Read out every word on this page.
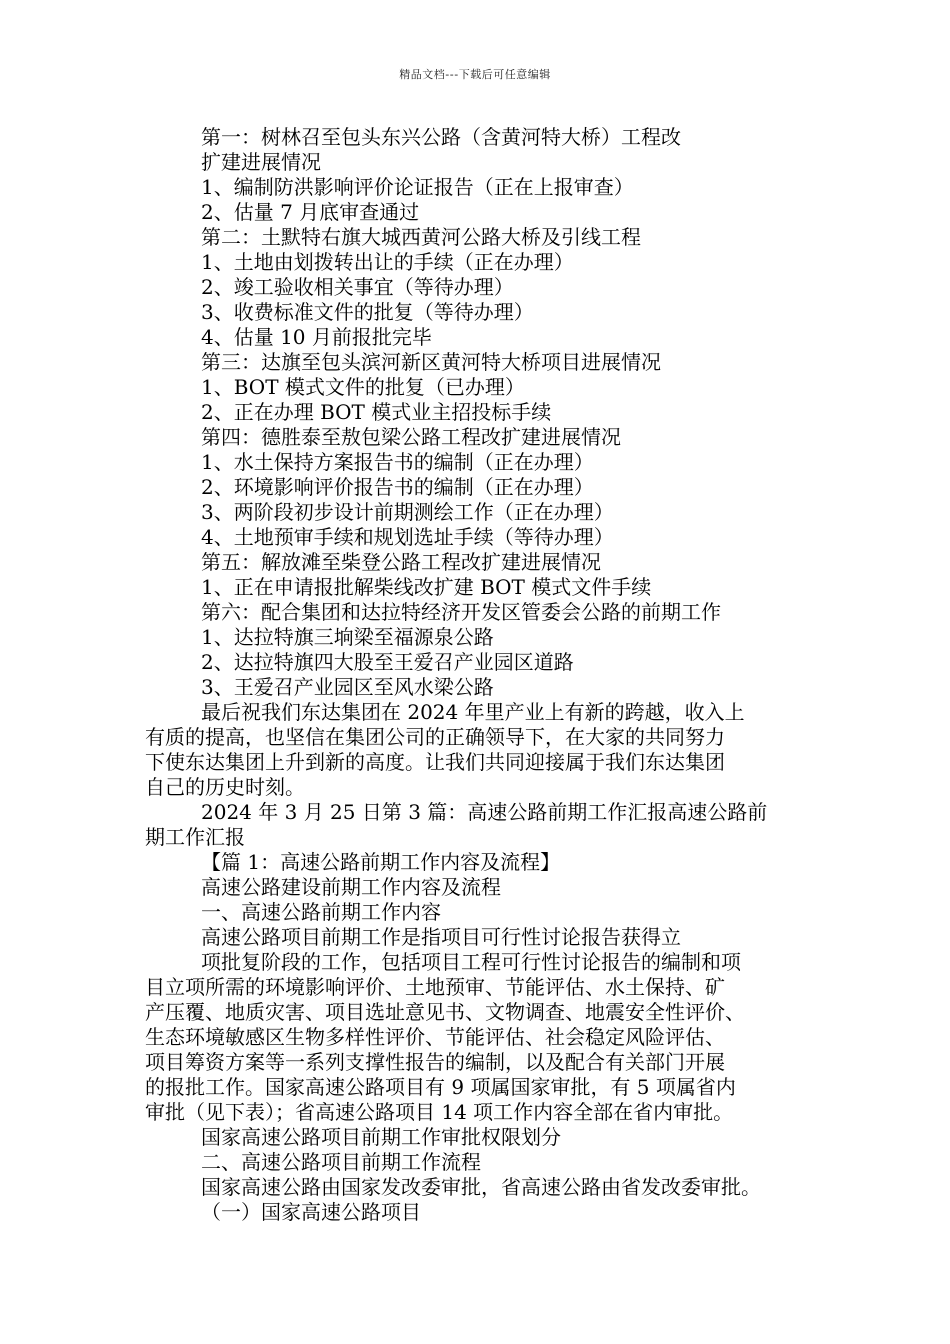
精品文档---下载后可任意编辑
第一：树林召至包头东兴公路（含黄河特大桥）工程改
扩建进展情况
1、编制防洪影响评价论证报告（正在上报审查）
2、估量 7 月底审查通过
第二：土默特右旗大城西黄河公路大桥及引线工程
1、土地由划拨转出让的手续（正在办理）
2、竣工验收相关事宜（等待办理）
3、收费标准文件的批复（等待办理）
4、估量 10 月前报批完毕
第三：达旗至包头滨河新区黄河特大桥项目进展情况
1、BOT 模式文件的批复（已办理）
2、正在办理 BOT 模式业主招投标手续
第四：德胜泰至敖包梁公路工程改扩建进展情况
1、水土保持方案报告书的编制（正在办理）
2、环境影响评价报告书的编制（正在办理）
3、两阶段初步设计前期测绘工作（正在办理）
4、土地预审手续和规划选址手续（等待办理）
第五：解放滩至柴登公路工程改扩建进展情况
1、正在申请报批解柴线改扩建 BOT 模式文件手续
第六：配合集团和达拉特经济开发区管委会公路的前期工作
1、达拉特旗三垧梁至福源泉公路
2、达拉特旗四大股至王爱召产业园区道路
3、王爱召产业园区至风水梁公路
最后祝我们东达集团在 2024 年里产业上有新的跨越，收入上
有质的提高，也坚信在集团公司的正确领导下，在大家的共同努力
下使东达集团上升到新的高度。让我们共同迎接属于我们东达集团
自己的历史时刻。
2024 年 3 月 25 日第 3 篇：高速公路前期工作汇报高速公路前
期工作汇报
【篇 1：高速公路前期工作内容及流程】
高速公路建设前期工作内容及流程
一、高速公路前期工作内容
高速公路项目前期工作是指项目可行性讨论报告获得立
项批复阶段的工作，包括项目工程可行性讨论报告的编制和项
目立项所需的环境影响评价、土地预审、节能评估、水土保持、矿
产压覆、地质灾害、项目选址意见书、文物调查、地震安全性评价、
生态环境敏感区生物多样性评价、节能评估、社会稳定风险评估、
项目筹资方案等一系列支撑性报告的编制，以及配合有关部门开展
的报批工作。国家高速公路项目有 9 项属国家审批，有 5 项属省内
审批（见下表）；省高速公路项目 14 项工作内容全部在省内审批。
国家高速公路项目前期工作审批权限划分
二、高速公路项目前期工作流程
国家高速公路由国家发改委审批，省高速公路由省发改委审批。
（一）国家高速公路项目
